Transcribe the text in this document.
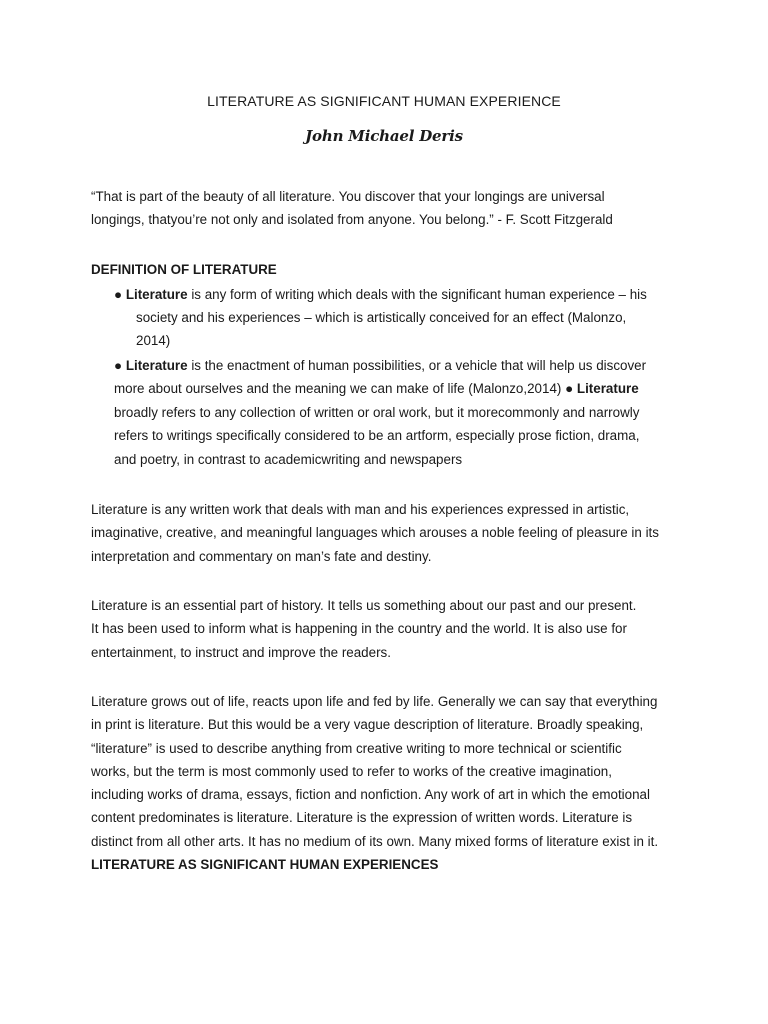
LITERATURE AS SIGNIFICANT HUMAN EXPERIENCE
John Michael Deris
“That is part of the beauty of all literature. You discover that your longings are universal
longings, thatyou’re not only and isolated from anyone. You belong.” - F. Scott Fitzgerald
DEFINITION OF LITERATURE
● Literature is any form of writing which deals with the significant human experience – his
society and his experiences – which is artistically conceived for an effect (Malonzo,
2014)
● Literature is the enactment of human possibilities, or a vehicle that will help us discover
more about ourselves and the meaning we can make of life (Malonzo,2014) ● Literature
broadly refers to any collection of written or oral work, but it morecommonly and narrowly
refers to writings specifically considered to be an artform, especially prose fiction, drama,
and poetry, in contrast to academicwriting and newspapers
Literature is any written work that deals with man and his experiences expressed in artistic,
imaginative, creative, and meaningful languages which arouses a noble feeling of pleasure in its
interpretation and commentary on man’s fate and destiny.
Literature is an essential part of history. It tells us something about our past and our present.
It has been used to inform what is happening in the country and the world. It is also use for
entertainment, to instruct and improve the readers.
Literature grows out of life, reacts upon life and fed by life. Generally we can say that everything
in print is literature. But this would be a very vague description of literature. Broadly speaking,
“literature” is used to describe anything from creative writing to more technical or scientific
works, but the term is most commonly used to refer to works of the creative imagination,
including works of drama, essays, fiction and nonfiction. Any work of art in which the emotional
content predominates is literature. Literature is the expression of written words. Literature is
distinct from all other arts. It has no medium of its own. Many mixed forms of literature exist in it.
LITERATURE AS SIGNIFICANT HUMAN EXPERIENCES
